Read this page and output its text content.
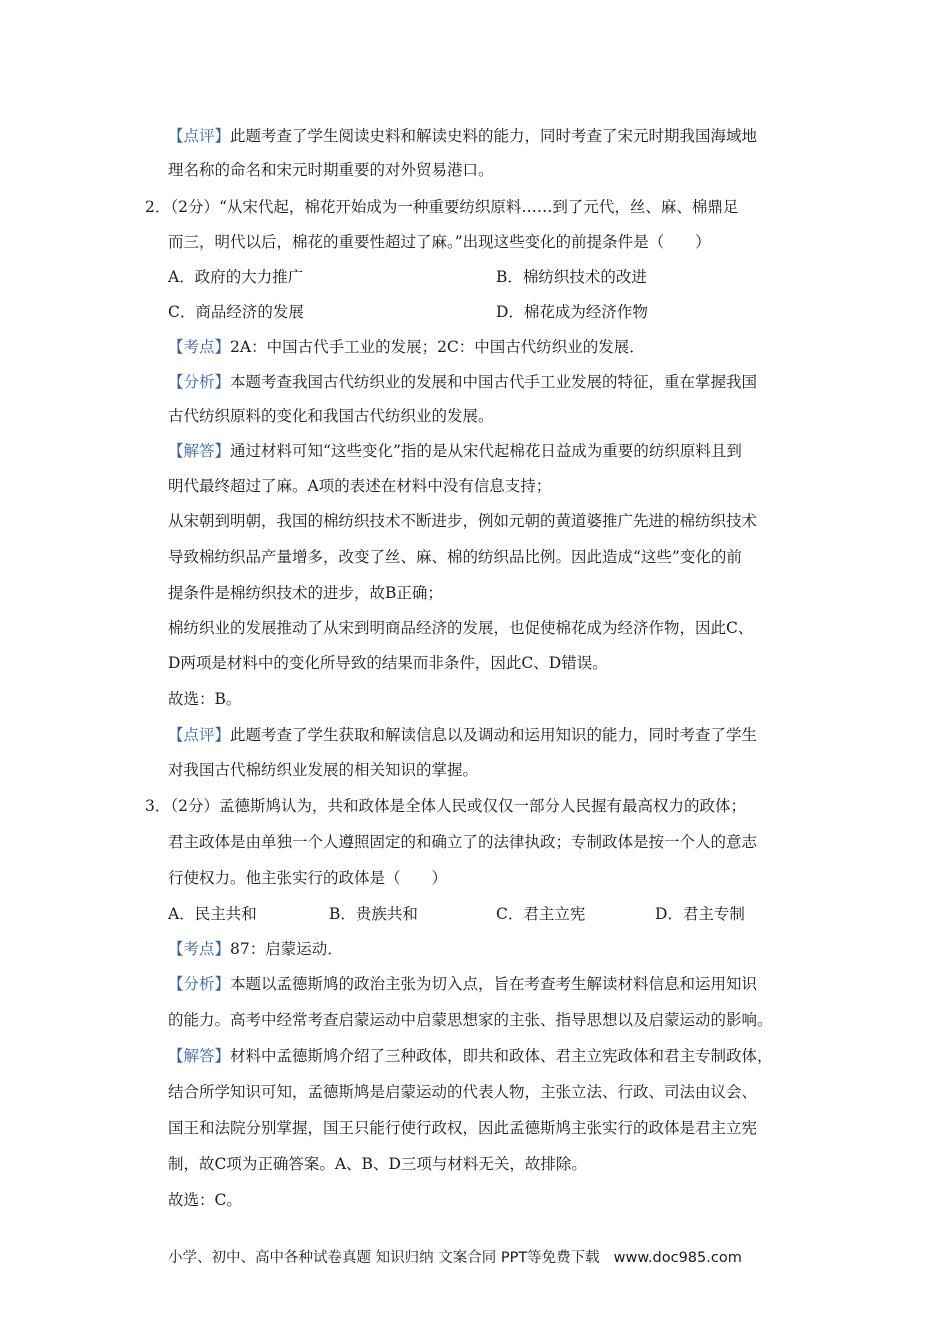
【点评】此题考查了学生阅读史料和解读史料的能力，同时考查了宋元时期我国海域地
理名称的命名和宋元时期重要的对外贸易港口。
2．（2分）“从宋代起，棉花开始成为一种重要纺织原料……到了元代，丝、麻、棉鼎足
而三，明代以后，棉花的重要性超过了麻。”出现这些变化的前提条件是（　　）
A．政府的大力推广	B．棉纺织技术的改进
C．商品经济的发展	D．棉花成为经济作物
【考点】2A：中国古代手工业的发展；2C：中国古代纺织业的发展．
【分析】本题考查我国古代纺织业的发展和中国古代手工业发展的特征，重在掌握我国
古代纺织原料的变化和我国古代纺织业的发展。
【解答】通过材料可知“这些变化”指的是从宋代起棉花日益成为重要的纺织原料且到
明代最终超过了麻。A项的表述在材料中没有信息支持；
从宋朝到明朝，我国的棉纺织技术不断进步，例如元朝的黄道婆推广先进的棉纺织技术
导致棉纺织品产量增多，改变了丝、麻、棉的纺织品比例。因此造成“这些”变化的前
提条件是棉纺织技术的进步，故B正确；
棉纺织业的发展推动了从宋到明商品经济的发展，也促使棉花成为经济作物，因此C、
D两项是材料中的变化所导致的结果而非条件，因此C、D错误。
故选：B。
【点评】此题考查了学生获取和解读信息以及调动和运用知识的能力，同时考查了学生
对我国古代棉纺织业发展的相关知识的掌握。
3．（2分）孟德斯鸠认为，共和政体是全体人民或仅仅一部分人民握有最高权力的政体；
君主政体是由单独一个人遵照固定的和确立了的法律执政；专制政体是按一个人的意志
行使权力。他主张实行的政体是（　　）
A．民主共和	B．贵族共和	C．君主立宪	D．君主专制
【考点】87：启蒙运动．
【分析】本题以孟德斯鸠的政治主张为切入点，旨在考查考生解读材料信息和运用知识
的能力。高考中经常考查启蒙运动中启蒙思想家的主张、指导思想以及启蒙运动的影响。
【解答】材料中孟德斯鸠介绍了三种政体，即共和政体、君主立宪政体和君主专制政体，
结合所学知识可知，孟德斯鸠是启蒙运动的代表人物，主张立法、行政、司法由议会、
国王和法院分别掌握，国王只能行使行政权，因此孟德斯鸠主张实行的政体是君主立宪
制，故C项为正确答案。A、B、D三项与材料无关，故排除。
故选：C。
小学、初中、高中各种试卷真题 知识归纳 文案合同 PPT等免费下载 www.doc985.com
